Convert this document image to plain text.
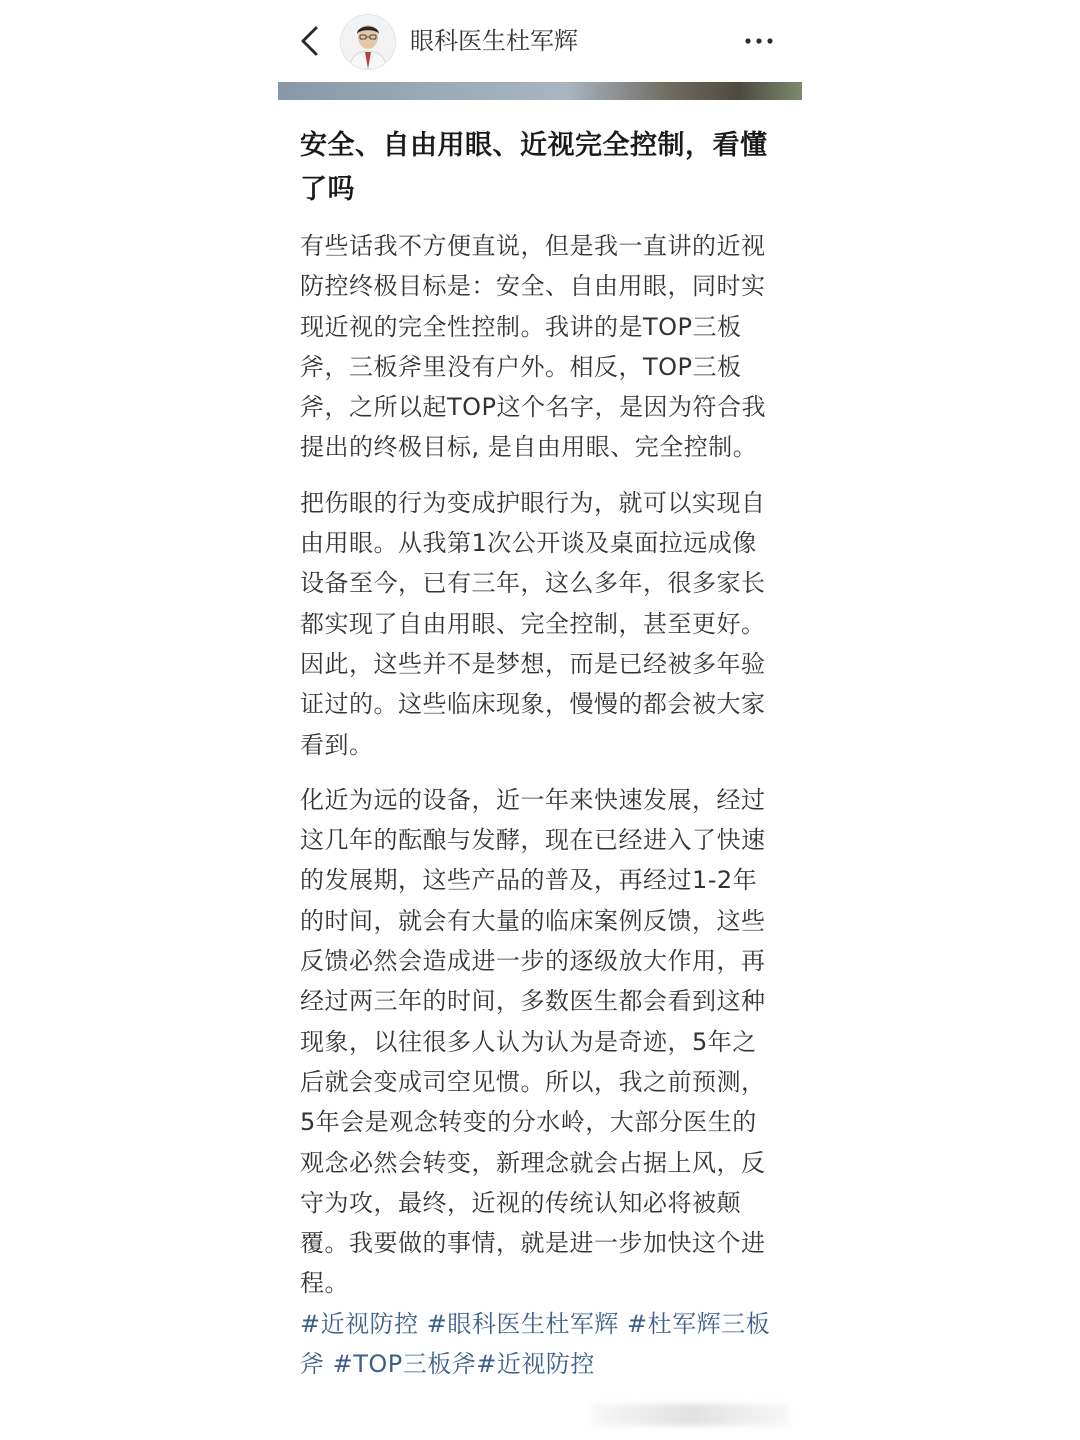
眼科医生杜军辉
安全、自由用眼、近视完全控制，看懂了吗
有些话我不方便直说，但是我一直讲的近视防控终极目标是：安全、自由用眼，同时实现近视的完全性控制。我讲的是TOP三板斧，三板斧里没有户外。相反，TOP三板斧，之所以起TOP这个名字，是因为符合我提出的终极目标, 是自由用眼、完全控制。
把伤眼的行为变成护眼行为，就可以实现自由用眼。从我第1次公开谈及桌面拉远成像设备至今，已有三年，这么多年，很多家长都实现了自由用眼、完全控制，甚至更好。因此，这些并不是梦想，而是已经被多年验证过的。这些临床现象，慢慢的都会被大家看到。
化近为远的设备，近一年来快速发展，经过这几年的酝酿与发酵，现在已经进入了快速的发展期，这些产品的普及，再经过1-2年的时间，就会有大量的临床案例反馈，这些反馈必然会造成进一步的逐级放大作用，再经过两三年的时间，多数医生都会看到这种现象，以往很多人认为认为是奇迹，5年之后就会变成司空见惯。所以，我之前预测，5年会是观念转变的分水岭，大部分医生的观念必然会转变，新理念就会占据上风，反守为攻，最终，近视的传统认知必将被颠覆。我要做的事情，就是进一步加快这个进程。
#近视防控 #眼科医生杜军辉 #杜军辉三板斧 #TOP三板斧#近视防控
